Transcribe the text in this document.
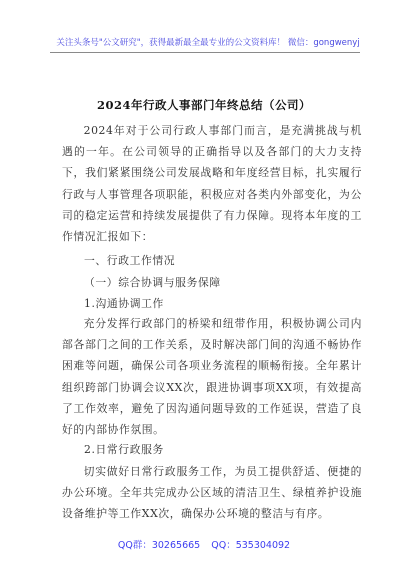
关注头条号"公文研究"，获得最新最全最专业的公文资料库！ 微信：gongwenyj
2024年行政人事部门年终总结（公司）
2024年对于公司行政人事部门而言，是充满挑战与机遇的一年。在公司领导的正确指导以及各部门的大力支持下，我们紧紧围绕公司发展战略和年度经营目标，扎实履行行政与人事管理各项职能，积极应对各类内外部变化，为公司的稳定运营和持续发展提供了有力保障。现将本年度的工作情况汇报如下：
一、行政工作情况
（一）综合协调与服务保障
1.沟通协调工作
充分发挥行政部门的桥梁和纽带作用，积极协调公司内部各部门之间的工作关系，及时解决部门间的沟通不畅协作困难等问题，确保公司各项业务流程的顺畅衔接。全年累计组织跨部门协调会议XX次，跟进协调事项XX项，有效提高了工作效率，避免了因沟通问题导致的工作延误，营造了良好的内部协作氛围。
2.日常行政服务
切实做好日常行政服务工作，为员工提供舒适、便捷的办公环境。全年共完成办公区域的清洁卫生、绿植养护设施设备维护等工作XX次，确保办公环境的整洁与有序。
QQ群：30265665 QQ：535304092
